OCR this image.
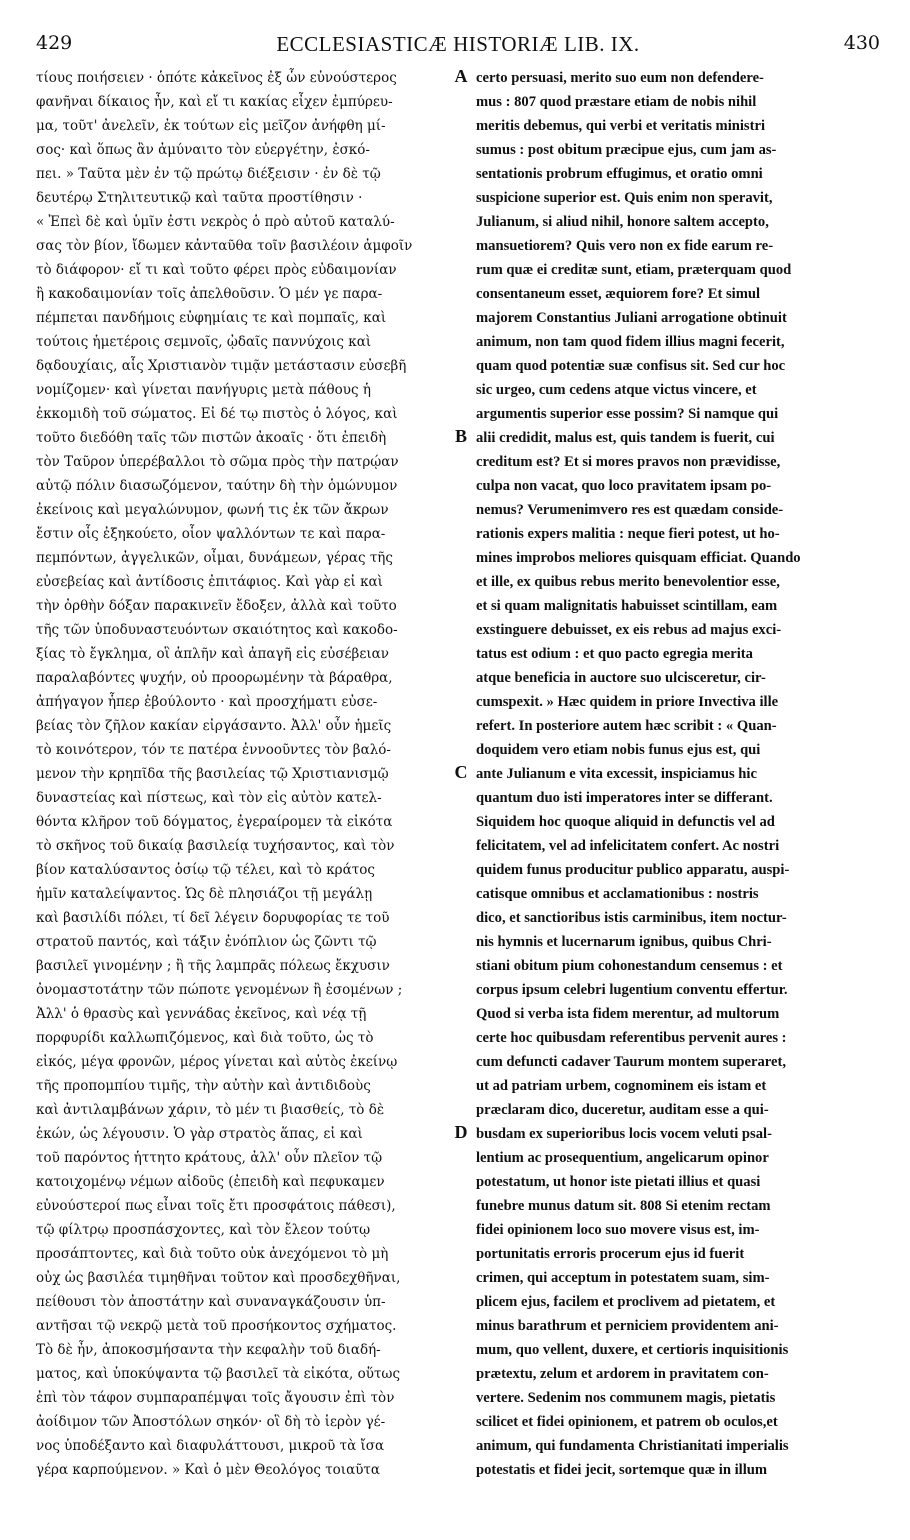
429	ECCLESIASTICÆ HISTORIÆ LIB. IX.	430
τίους ποιήσειεν · ὁπότε κἀκεῖνος ἐξ ὧν εὐνούστερος
φανῆναι δίκαιος ἦν, καὶ εἴ τι κακίας εἶχεν ἐμπύρευ-
μα, τοῦτ' ἀνελεῖν, ἐκ τούτων εἰς μεῖζον ἀνήφθη μί-
σος· καὶ ὅπως ἂν ἀμύναιτο τὸν εὐεργέτην, ἐσκό-
πει. » Ταῦτα μὲν ἐν τῷ πρώτῳ διέξεισιν · ἐν δὲ τῷ
δευτέρῳ Στηλιτευτικῷ καὶ ταῦτα προστίθησιν ·
« Ἐπεὶ δὲ καὶ ὑμῖν ἐστι νεκρὸς ὁ πρὸ αὐτοῦ καταλύ-
σας τὸν βίον, ἴδωμεν κἀνταῦθα τοῖν βασιλέοιν ἀμφοῖν
τὸ διάφορον· εἴ τι καὶ τοῦτο φέρει πρὸς εὐδαιμονίαν
ἢ κακοδαιμονίαν τοῖς ἀπελθοῦσιν. Ὁ μέν γε παρα-
πέμπεται πανδήμοις εὐφημίαις τε καὶ πομπαῖς, καὶ
τούτοις ἡμετέροις σεμνοῖς, ᾠδαῖς παννύχοις καὶ
δᾳδουχίαις, αἷς Χριστιανὸν τιμᾷν μετάστασιν εὐσεβῆ
νομίζομεν· καὶ γίνεται πανήγυρις μετὰ πάθους ἡ
ἐκκομιδὴ τοῦ σώματος. Εἰ δέ τῳ πιστὸς ὁ λόγος, καὶ
τοῦτο διεδόθη ταῖς τῶν πιστῶν ἀκοαῖς · ὅτι ἐπειδὴ
τὸν Ταῦρον ὑπερέβαλλοι τὸ σῶμα πρὸς τὴν πατρῴαν
αὐτῷ πόλιν διασωζόμενον, ταύτην δὴ τὴν ὁμώνυμον
ἐκείνοις καὶ μεγαλώνυμον, φωνή τις ἐκ τῶν ἄκρων
ἔστιν οἷς ἐξηκούετο, οἷον ψαλλόντων τε καὶ παρα-
πεμπόντων, ἀγγελικῶν, οἶμαι, δυνάμεων, γέρας τῆς
εὐσεβείας καὶ ἀντίδοσις ἐπιτάφιος. Καὶ γὰρ εἰ καὶ
τὴν ὀρθὴν δόξαν παρακινεῖν ἔδοξεν, ἀλλὰ καὶ τοῦτο
τῆς τῶν ὑποδυναστευόντων σκαιότητος καὶ κακοδο-
ξίας τὸ ἔγκλημα, οἳ ἁπλῆν καὶ ἀπαγῆ εἰς εὐσέβειαν
παραλαβόντες ψυχήν, οὐ προορωμένην τὰ βάραθρα,
ἀπήγαγον ἧπερ ἐβούλοντο · καὶ προσχήματι εὐσε-
βείας τὸν ζῆλον κακίαν εἰργάσαντο. Ἀλλ' οὖν ἡμεῖς
τὸ κοινότερον, τόν τε πατέρα ἐννοοῦντες τὸν βαλό-
μενον τὴν κρηπῖδα τῆς βασιλείας τῷ Χριστιανισμῷ
δυναστείας καὶ πίστεως, καὶ τὸν εἰς αὐτὸν κατελ-
θόντα κλῆρον τοῦ δόγματος, ἐγεραίρομεν τὰ εἰκότα
τὸ σκῆνος τοῦ δικαίᾳ βασιλείᾳ τυχήσαντος, καὶ τὸν
βίον καταλύσαντος ὁσίῳ τῷ τέλει, καὶ τὸ κράτος
ἡμῖν καταλείψαντος. Ὡς δὲ πλησιάζοι τῇ μεγάλῃ
καὶ βασιλίδι πόλει, τί δεῖ λέγειν δορυφορίας τε τοῦ
στρατοῦ παντός, καὶ τάξιν ἐνόπλιον ὡς ζῶντι τῷ
βασιλεῖ γινομένην ; ἢ τῆς λαμπρᾶς πόλεως ἔκχυσιν
ὀνομαστοτάτην τῶν πώποτε γενομένων ἢ ἐσομένων ;
Ἀλλ' ὁ θρασὺς καὶ γεννάδας ἐκεῖνος, καὶ νέᾳ τῇ
πορφυρίδι καλλωπιζόμενος, καὶ διὰ τοῦτο, ὡς τὸ
εἰκός, μέγα φρονῶν, μέρος γίνεται καὶ αὐτὸς ἐκείνῳ
τῆς προπομπίου τιμῆς, τὴν αὐτὴν καὶ ἀντιδιδοὺς
καὶ ἀντιλαμβάνων χάριν, τὸ μέν τι βιασθείς, τὸ δὲ
ἑκών, ὡς λέγουσιν. Ὁ γὰρ στρατὸς ἅπας, εἰ καὶ
τοῦ παρόντος ἡττητο κράτους, ἀλλ' οὖν πλεῖον τῷ
κατοιχομένῳ νέμων αἰδοῦς (ἐπειδὴ καὶ πεφυκαμεν
εὐνούστεροί πως εἶναι τοῖς ἔτι προσφάτοις πάθεσι),
τῷ φίλτρῳ προσπάσχοντες, καὶ τὸν ἔλεον τούτῳ
προσάπτοντες, καὶ διὰ τοῦτο οὐκ ἀνεχόμενοι τὸ μὴ
οὐχ ὡς βασιλέα τιμηθῆναι τοῦτον καὶ προσδεχθῆναι,
πείθουσι τὸν ἀποστάτην καὶ συναναγκάζουσιν ὑπ-
αντῆσαι τῷ νεκρῷ μετὰ τοῦ προσήκοντος σχήματος.
Τὸ δὲ ἦν, ἀποκοσμήσαντα τὴν κεφαλὴν τοῦ διαδή-
ματος, καὶ ὑποκύψαντα τῷ βασιλεῖ τὰ εἰκότα, οὕτως
ἐπὶ τὸν τάφον συμπαραπέμψαι τοῖς ἄγουσιν ἐπὶ τὸν
ἀοίδιμον τῶν Ἀποστόλων σηκόν· οἳ δὴ τὸ ἱερὸν γέ-
νος ὑποδέξαντο καὶ διαφυλάττουσι, μικροῦ τὰ ἴσα
γέρα καρπούμενον. » Καὶ ὁ μὲν Θεολόγος τοιαῦτα
A
B
C
D
certo persuasi, merito suo eum non defendere-
mus : 807 quod præstare etiam de nobis nihil
meritis debemus, qui verbi et veritatis ministri
sumus : post obitum præcipue ejus, cum jam as-
sentationis probrum effugimus, et oratio omni
suspicione superior est. Quis enim non speravit,
Julianum, si aliud nihil, honore saltem accepto,
mansuetiorem? Quis vero non ex fide earum re-
rum quæ ei creditæ sunt, etiam, præterquam quod
consentaneum esset, æquiorem fore? Et simul
majorem Constantius Juliani arrogatione obtinuit
animum, non tam quod fidem illius magni fecerit,
quam quod potentiæ suæ confisus sit. Sed cur hoc
sic urgeo, cum cedens atque victus vincere, et
argumentis superior esse possim? Si namque qui
alii credidit, malus est, quis tandem is fuerit, cui
creditum est? Et si mores pravos non prævidisse,
culpa non vacat, quo loco pravitatem ipsam po-
nemus? Verumenimvero res est quædam conside-
rationis expers malitia : neque fieri potest, ut ho-
mines improbos meliores quisquam efficiat. Quando
et ille, ex quibus rebus merito benevolentior esse,
et si quam malignitatis habuisset scintillam, eam
exstinguere debuisset, ex eis rebus ad majus exci-
tatus est odium : et quo pacto egregia merita
atque beneficia in auctore suo ulcisceretur, cir-
cumspexit. » Hæc quidem in priore Invectiva ille
refert. In posteriore autem hæc scribit : « Quan-
doquidem vero etiam nobis funus ejus est, qui
ante Julianum e vita excessit, inspiciamus hic
quantum duo isti imperatores inter se differant.
Siquidem hoc quoque aliquid in defunctis vel ad
felicitatem, vel ad infelicitatem confert. Ac nostri
quidem funus producitur publico apparatu, auspi-
catisque omnibus et acclamationibus : nostris
dico, et sanctioribus istis carminibus, item noctur-
nis hymnis et lucernarum ignibus, quibus Chri-
stiani obitum pium cohonestandum censemus : et
corpus ipsum celebri lugentium conventu effertur.
Quod si verba ista fidem merentur, ad multorum
certe hoc quibusdam referentibus pervenit aures :
cum defuncti cadaver Taurum montem superaret,
ut ad patriam urbem, cognominem eis istam et
præclaram dico, duceretur, auditam esse a qui-
busdam ex superioribus locis vocem veluti psal-
lentium ac prosequentium, angelicarum opinor
potestatum, ut honor iste pietati illius et quasi
funebre munus datum sit. 808 Si etenim rectam
fidei opinionem loco suo movere visus est, im-
portunitatis erroris procerum ejus id fuerit
crimen, qui acceptum in potestatem suam, sim-
plicem ejus, facilem et proclivem ad pietatem, et
minus barathrum et perniciem providentem ani-
mum, quo vellent, duxere, et certioris inquisitionis
prætextu, zelum et ardorem in pravitatem con-
vertere. Sedenim nos communem magis, pietatis
scilicet et fidei opinionem, et patrem ob oculos,et
animum, qui fundamenta Christianitati imperialis
potestatis et fidei jecit, sortemque quæ in illum
